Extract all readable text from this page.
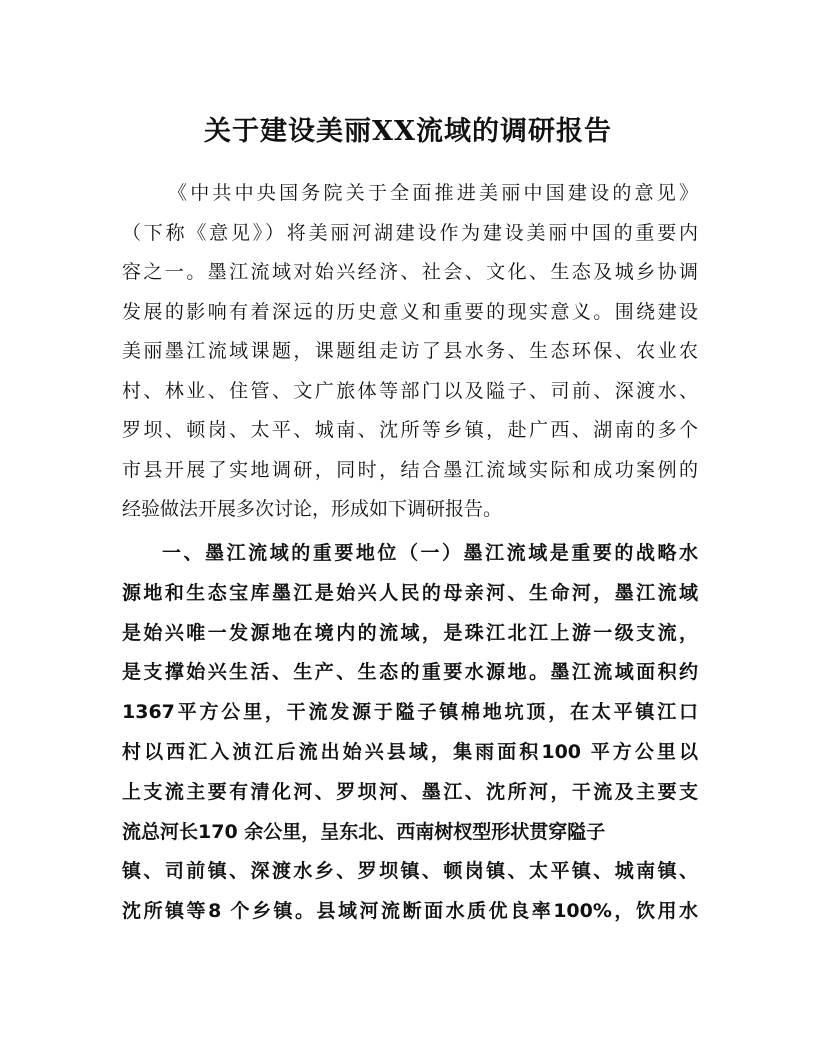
关于建设美丽XX流域的调研报告
《中共中央国务院关于全面推进美丽中国建设的意见》
（下称《意见》）将美丽河湖建设作为建设美丽中国的重要内
容之一。墨江流域对始兴经济、社会、文化、生态及城乡协调
发展的影响有着深远的历史意义和重要的现实意义。围绕建设
美丽墨江流域课题，课题组走访了县水务、生态环保、农业农
村、林业、住管、文广旅体等部门以及隘子、司前、深渡水、
罗坝、顿岗、太平、城南、沈所等乡镇，赴广西、湖南的多个
市县开展了实地调研，同时，结合墨江流域实际和成功案例的
经验做法开展多次讨论，形成如下调研报告。
一、墨江流域的重要地位（一）墨江流域是重要的战略水
源地和生态宝库墨江是始兴人民的母亲河、生命河，墨江流域
是始兴唯一发源地在境内的流域，是珠江北江上游一级支流，
是支撑始兴生活、生产、生态的重要水源地。墨江流域面积约
1367平方公里，干流发源于隘子镇棉地坑顶，在太平镇江口
村以西汇入浈江后流出始兴县域，集雨面积100 平方公里以
上支流主要有清化河、罗坝河、墨江、沈所河，干流及主要支
流总河长170 余公里，呈东北、西南树杈型形状贯穿隘子
镇、司前镇、深渡水乡、罗坝镇、顿岗镇、太平镇、城南镇、
沈所镇等8 个乡镇。县域河流断面水质优良率100%，饮用水
